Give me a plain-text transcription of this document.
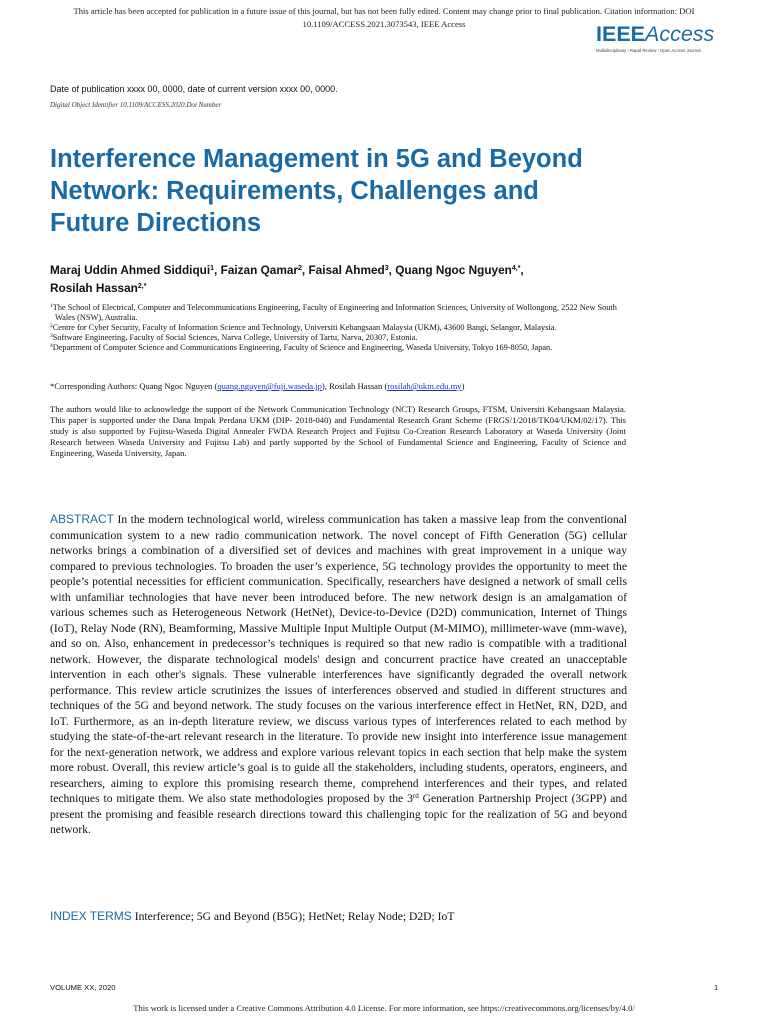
This article has been accepted for publication in a future issue of this journal, but has not been fully edited. Content may change prior to final publication. Citation information: DOI
10.1109/ACCESS.2021.3073543, IEEE Access	IEEEAccess
Multidisciplinary ⁞ Rapid Review ⁞ Open Access Journal
Date of publication xxxx 00, 0000, date of current version xxxx 00, 0000.
Digital Object Identifier 10.1109/ACCESS.2020.Doi Number
Interference Management in 5G and Beyond
Network: Requirements, Challenges and
Future Directions
Maraj Uddin Ahmed Siddiqui$^1$, Faizan Qamar$^2$, Faisal Ahmed$^3$, Quang Ngoc Nguyen$^{4,*}$,
Rosilah Hassan$^{2,*}$
$^1$The School of Electrical, Computer and Telecommunications Engineering, Faculty of Engineering and Information Sciences, University of Wollongong, 2522 New South Wales (NSW), Australia.
$^2$Centre for Cyber Security, Faculty of Information Science and Technology, Universiti Kebangsaan Malaysia (UKM), 43600 Bangi, Selangor, Malaysia.
$^3$Software Engineering, Faculty of Social Sciences, Narva College, University of Tartu, Narva, 20307, Estonia.
$^4$Department of Computer Science and Communications Engineering, Faculty of Science and Engineering, Waseda University, Tokyo 169-8050, Japan.
*Corresponding Authors: Quang Ngoc Nguyen (quang.nguyen@fuji.waseda.jp), Rosilah Hassan (rosilah@ukm.edu.my)

The authors would like to acknowledge the support of the Network Communication Technology (NCT) Research Groups, FTSM, Universiti Kebangsaan Malaysia. This paper is supported under the Dana Impak Perdana UKM (DIP- 2018-040) and Fundamental Research Grant Scheme (FRGS/1/2018/TK04/UKM/02/17). This study is also supported by Fujitsu-Waseda Digital Annealer FWDA Research Project and Fujitsu Co-Creation Research Laboratory at Waseda University (Joint Research between Waseda University and Fujitsu Lab) and partly supported by the School of Fundamental Science and Engineering, Faculty of Science and Engineering, Waseda University, Japan.

ABSTRACT In the modern technological world, wireless communication has taken a massive leap from the conventional communication system to a new radio communication network. The novel concept of Fifth Generation (5G) cellular networks brings a combination of a diversified set of devices and machines with great improvement in a unique way compared to previous technologies. To broaden the user’s experience, 5G technology provides the opportunity to meet the people’s potential necessities for efficient communication. Specifically, researchers have designed a network of small cells with unfamiliar technologies that have never been introduced before. The new network design is an amalgamation of various schemes such as Heterogeneous Network (HetNet), Device-to-Device (D2D) communication, Internet of Things (IoT), Relay Node (RN), Beamforming, Massive Multiple Input Multiple Output (M-MIMO), millimeter-wave (mm-wave), and so on. Also, enhancement in predecessor’s techniques is required so that new radio is compatible with a traditional network. However, the disparate technological models' design and concurrent practice have created an unacceptable intervention in each other's signals. These vulnerable interferences have significantly degraded the overall network performance. This review article scrutinizes the issues of interferences observed and studied in different structures and techniques of the 5G and beyond network. The study focuses on the various interference effect in HetNet, RN, D2D, and IoT. Furthermore, as an in-depth literature review, we discuss various types of interferences related to each method by studying the state-of-the-art relevant research in the literature. To provide new insight into interference issue management for the next-generation network, we address and explore various relevant topics in each section that help make the system more robust. Overall, this review article’s goal is to guide all the stakeholders, including students, operators, engineers, and researchers, aiming to explore this promising research theme, comprehend interferences and their types, and related techniques to mitigate them. We also state methodologies proposed by the 3rd Generation Partnership Project (3GPP) and present the promising and feasible research directions toward this challenging topic for the realization of 5G and beyond network.

INDEX TERMS Interference; 5G and Beyond (B5G); HetNet; Relay Node; D2D; IoT

VOLUME XX, 2020	1
This work is licensed under a Creative Commons Attribution 4.0 License. For more information, see https://creativecommons.org/licenses/by/4.0/
